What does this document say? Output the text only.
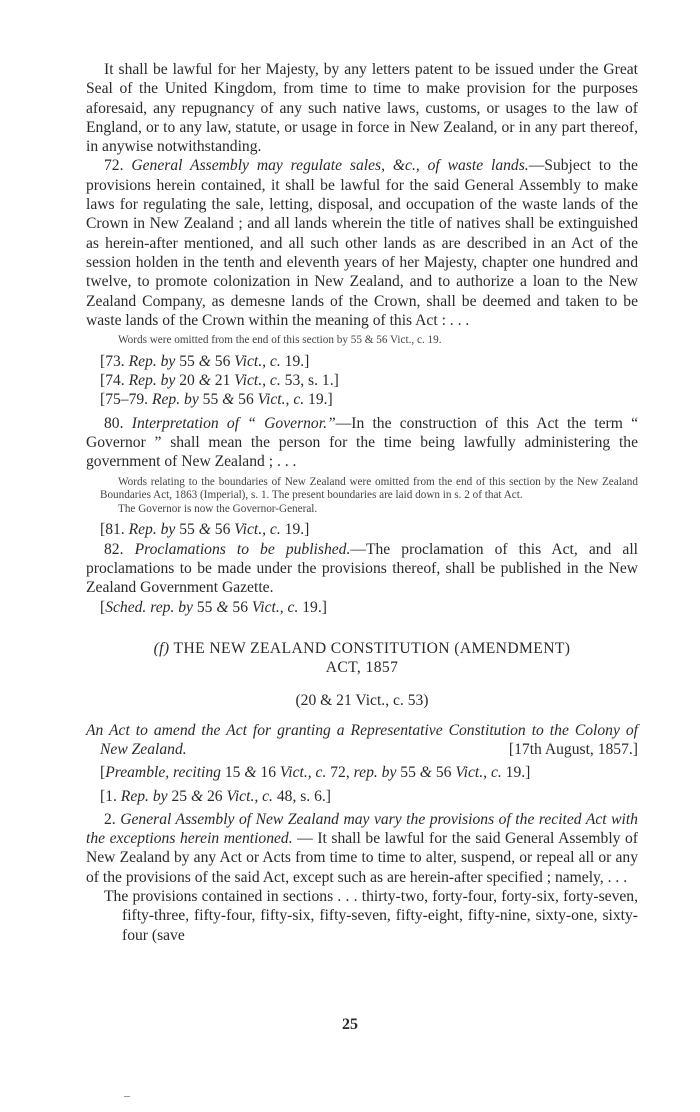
It shall be lawful for her Majesty, by any letters patent to be issued under the Great Seal of the United Kingdom, from time to time to make provision for the purposes aforesaid, any repugnancy of any such native laws, customs, or usages to the law of England, or to any law, statute, or usage in force in New Zealand, or in any part thereof, in anywise notwithstanding.

72. General Assembly may regulate sales, &c., of waste lands.—Subject to the provisions herein contained, it shall be lawful for the said General Assembly to make laws for regulating the sale, letting, disposal, and occupation of the waste lands of the Crown in New Zealand ; and all lands wherein the title of natives shall be extinguished as herein-after mentioned, and all such other lands as are described in an Act of the session holden in the tenth and eleventh years of her Majesty, chapter one hundred and twelve, to promote colonization in New Zealand, and to authorize a loan to the New Zealand Company, as demesne lands of the Crown, shall be deemed and taken to be waste lands of the Crown within the meaning of this Act : . . .

Words were omitted from the end of this section by 55 & 56 Vict., c. 19.

[73. Rep. by 55 & 56 Vict., c. 19.]

[74. Rep. by 20 & 21 Vict., c. 53, s. 1.]

[75–79. Rep. by 55 & 56 Vict., c. 19.]

80. Interpretation of “ Governor.”—In the construction of this Act the term “ Governor ” shall mean the person for the time being lawfully administering the government of New Zealand ; . . .

Words relating to the boundaries of New Zealand were omitted from the end of this section by the New Zealand Boundaries Act, 1863 (Imperial), s. 1. The present boundaries are laid down in s. 2 of that Act.
The Governor is now the Governor-General.

[81. Rep. by 55 & 56 Vict., c. 19.]

82. Proclamations to be published.—The proclamation of this Act, and all proclamations to be made under the provisions thereof, shall be published in the New Zealand Government Gazette.

[Sched. rep. by 55 & 56 Vict., c. 19.]

(f) THE NEW ZEALAND CONSTITUTION (AMENDMENT)
ACT, 1857

(20 & 21 Vict., c. 53)

An Act to amend the Act for granting a Representative Constitution to the Colony of New Zealand.	[17th August, 1857.]

[Preamble, reciting 15 & 16 Vict., c. 72, rep. by 55 & 56 Vict., c. 19.]

[1. Rep. by 25 & 26 Vict., c. 48, s. 6.]

2. General Assembly of New Zealand may vary the provisions of the recited Act with the exceptions herein mentioned. — It shall be lawful for the said General Assembly of New Zealand by any Act or Acts from time to time to alter, suspend, or repeal all or any of the provisions of the said Act, except such as are herein-after specified ; namely, . . .

The provisions contained in sections . . . thirty-two, forty-four, forty-six, forty-seven, fifty-three, fifty-four, fifty-six, fifty-seven, fifty-eight, fifty-nine, sixty-one, sixty-four (save

25
